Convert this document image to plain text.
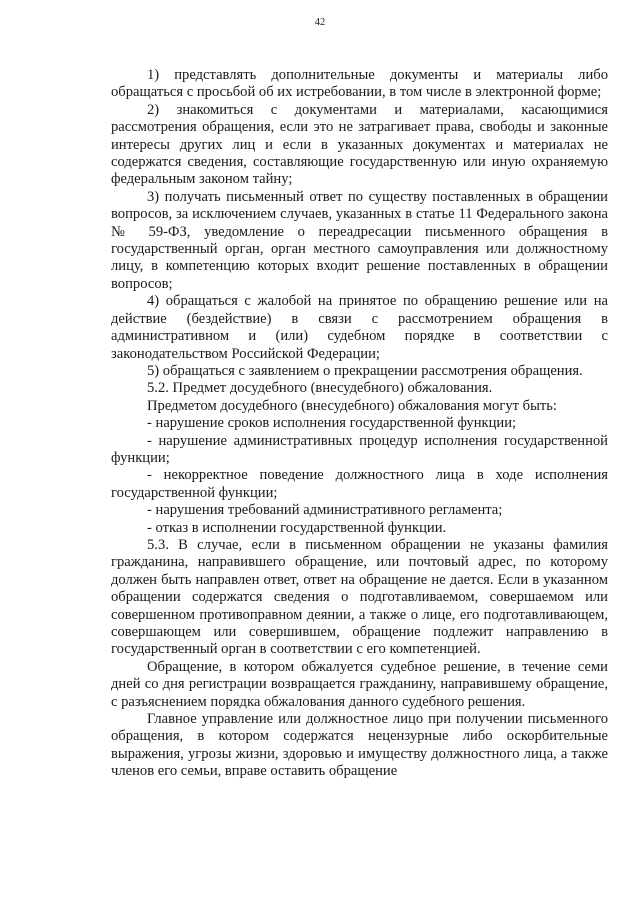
42

1) представлять дополнительные документы и материалы либо обращаться с просьбой об их истребовании, в том числе в электронной форме;

2) знакомиться с документами и материалами, касающимися рассмотрения обращения, если это не затрагивает права, свободы и законные интересы других лиц и если в указанных документах и материалах не содержатся сведения, составляющие государственную или иную охраняемую федеральным законом тайну;

3) получать письменный ответ по существу поставленных в обращении вопросов, за исключением случаев, указанных в статье 11 Федерального закона № 59-ФЗ, уведомление о переадресации письменного обращения в государственный орган, орган местного самоуправления или должностному лицу, в компетенцию которых входит решение поставленных в обращении вопросов;

4) обращаться с жалобой на принятое по обращению решение или на действие (бездействие) в связи с рассмотрением обращения в административном и (или) судебном порядке в соответствии с законодательством Российской Федерации;

5) обращаться с заявлением о прекращении рассмотрения обращения.

5.2. Предмет досудебного (внесудебного) обжалования.

Предметом досудебного (внесудебного) обжалования могут быть:

- нарушение сроков исполнения государственной функции;

- нарушение административных процедур исполнения государственной функции;

- некорректное поведение должностного лица в ходе исполнения государственной функции;

- нарушения требований административного регламента;

- отказ в исполнении государственной функции.

5.3. В случае, если в письменном обращении не указаны фамилия гражданина, направившего обращение, или почтовый адрес, по которому должен быть направлен ответ, ответ на обращение не дается. Если в указанном обращении содержатся сведения о подготавливаемом, совершаемом или совершенном противоправном деянии, а также о лице, его подготавливающем, совершающем или совершившем, обращение подлежит направлению в государственный орган в соответствии с его компетенцией.

Обращение, в котором обжалуется судебное решение, в течение семи дней со дня регистрации возвращается гражданину, направившему обращение, с разъяснением порядка обжалования данного судебного решения.

Главное управление или должностное лицо при получении письменного обращения, в котором содержатся нецензурные либо оскорбительные выражения, угрозы жизни, здоровью и имуществу должностного лица, а также членов его семьи, вправе оставить обращение
